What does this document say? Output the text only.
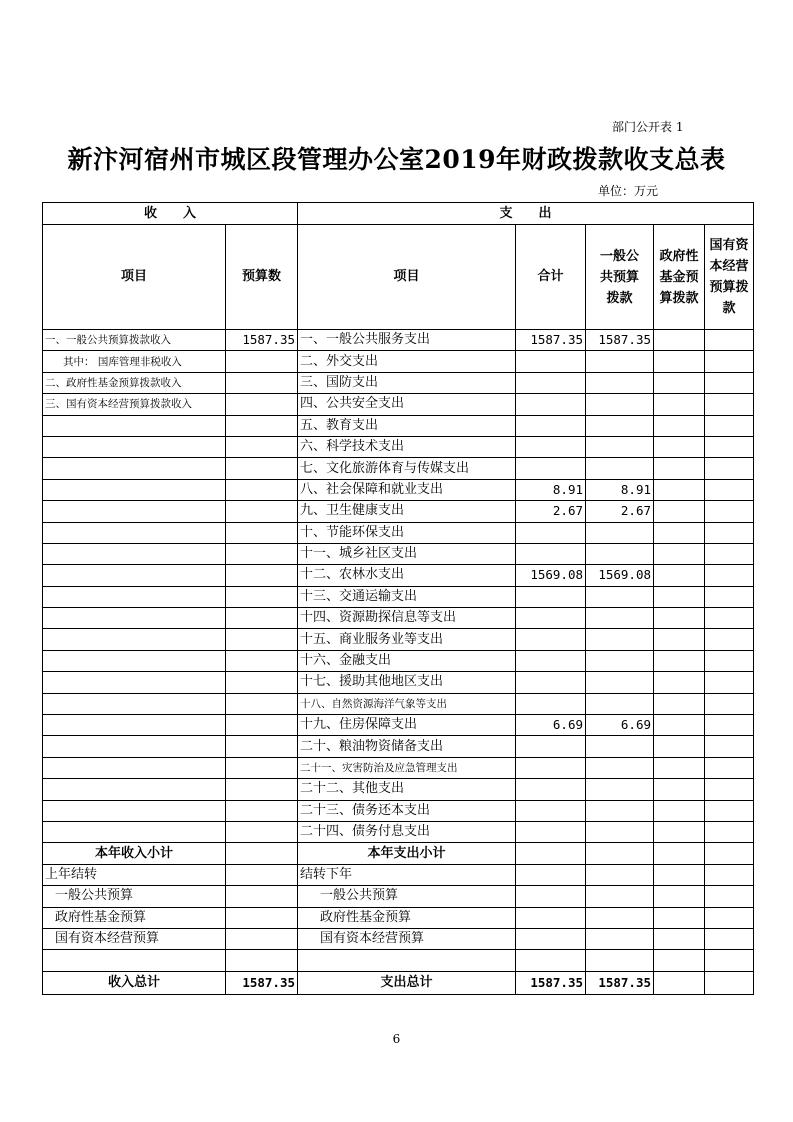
部门公开表 1
新汴河宿州市城区段管理办公室2019年财政拨款收支总表
单位：万元
收　　入		支　　出				
项目	预算数	项目	合计	一般公共预算拨款	政府性基金预算拨款	国有资本经营预算拨款
一、一般公共预算拨款收入	1587.35	一、一般公共服务支出	1587.35	1587.35		
其中： 国库管理非税收入		二、外交支出				
二、政府性基金预算拨款收入		三、国防支出				
三、国有资本经营预算拨款收入		四、公共安全支出				
		五、教育支出				
		六、科学技术支出				
		七、文化旅游体育与传媒支出				
		八、社会保障和就业支出	8.91	8.91		
		九、卫生健康支出	2.67	2.67		
		十、节能环保支出				
		十一、城乡社区支出				
		十二、农林水支出	1569.08	1569.08		
		十三、交通运输支出				
		十四、资源勘探信息等支出				
		十五、商业服务业等支出				
		十六、金融支出				
		十七、援助其他地区支出				
		十八、自然资源海洋气象等支出				
		十九、住房保障支出	6.69	6.69		
		二十、粮油物资储备支出				
		二十一、灾害防治及应急管理支出				
		二十二、其他支出				
		二十三、债务还本支出				
		二十四、债务付息支出				
本年收入小计		本年支出小计				
上年结转		结转下年				
一般公共预算		一般公共预算				
政府性基金预算		政府性基金预算				
国有资本经营预算		国有资本经营预算				

收入总计	1587.35	支出总计	1587.35	1587.35		
6
